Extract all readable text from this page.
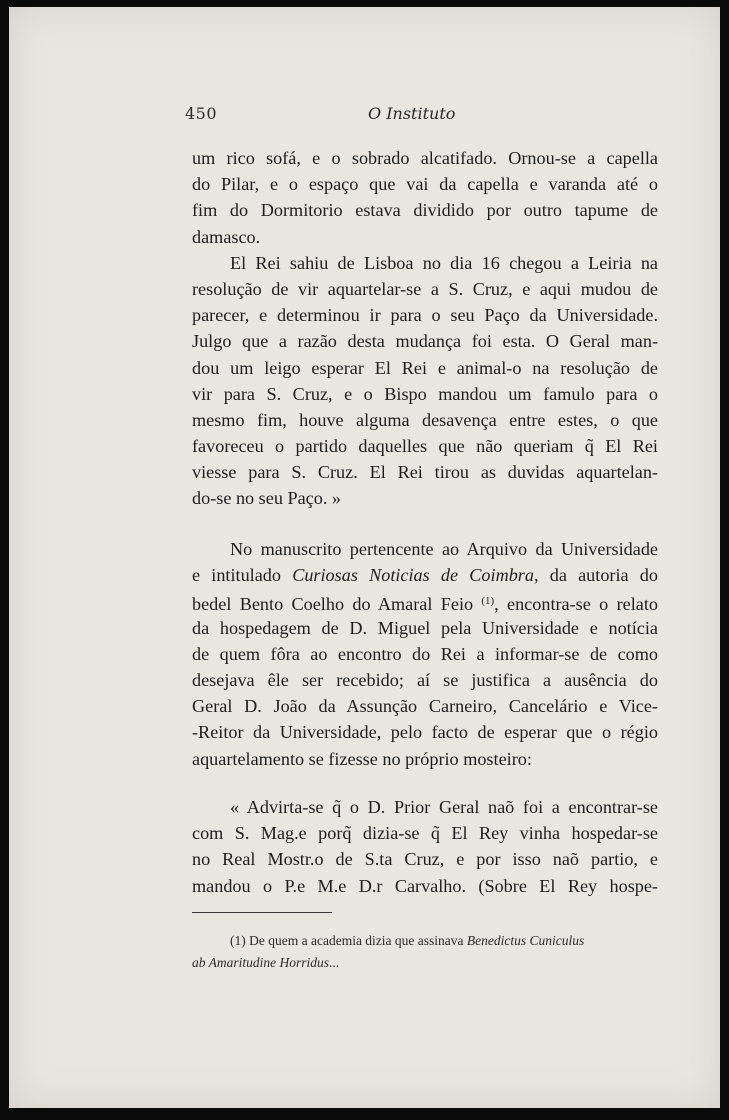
450	O Instituto
um rico sofá, e o sobrado alcatifado. Ornou-se a capella
do Pilar, e o espaço que vai da capella e varanda até o
fim do Dormitorio estava dividido por outro tapume de
damasco.
El Rei sahiu de Lisboa no dia 16 chegou a Leiria na
resolução de vir aquartelar-se a S. Cruz, e aqui mudou de
parecer, e determinou ir para o seu Paço da Universidade.
Julgo que a razão desta mudança foi esta. O Geral man-
dou um leigo esperar El Rei e animal-o na resolução de
vir para S. Cruz, e o Bispo mandou um famulo para o
mesmo fim, houve alguma desavença entre estes, o que
favoreceu o partido daquelles que não queriam q̃ El Rei
viesse para S. Cruz. El Rei tirou as duvidas aquartelan-
do-se no seu Paço. »
No manuscrito pertencente ao Arquivo da Universidade
e intitulado Curiosas Noticias de Coimbra, da autoria do
bedel Bento Coelho do Amaral Feio $^{(1)}$, encontra-se o relato
da hospedagem de D. Miguel pela Universidade e notícia
de quem fôra ao encontro do Rei a informar-se de como
desejava êle ser recebido; aí se justifica a ausência do
Geral D. João da Assunção Carneiro, Cancelário e Vice-
-Reitor da Universidade, pelo facto de esperar que o régio
aquartelamento se fizesse no próprio mosteiro:
« Advirta-se q̃ o D. Prior Geral naõ foi a encontrar-se
com S. Mag.e porq̃ dizia-se q̃ El Rey vinha hospedar-se
no Real Mostr.o de S.ta Cruz, e por isso naõ partio, e
mandou o P.e M.e D.r Carvalho. (Sobre El Rey hospe-
(1) De quem a academia dizia que assinava Benedictus Cuniculus
ab Amaritudine Horridus...
